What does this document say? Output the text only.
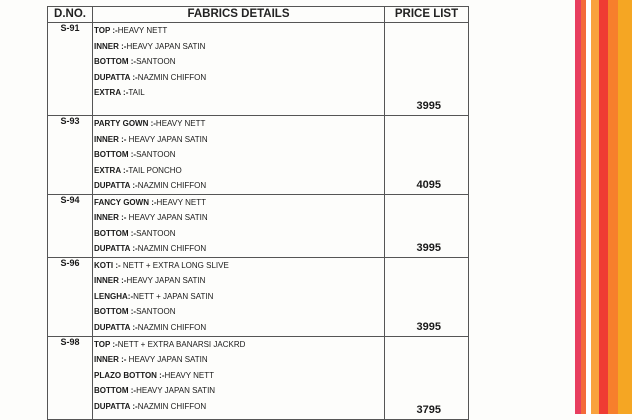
D.NO.	FABRICS DETAILS	PRICE LIST
S-91	TOP :-HEAVY NETT
INNER :-HEAVY JAPAN SATIN
BOTTOM :-SANTOON
DUPATTA :-NAZMIN CHIFFON
EXTRA :-TAIL	3995

S-93	PARTY GOWN :-HEAVY NETT
INNER :- HEAVY JAPAN SATIN
BOTTOM :-SANTOON
EXTRA :-TAIL PONCHO
DUPATTA :-NAZMIN CHIFFON	4095

S-94	FANCY GOWN :-HEAVY NETT
INNER :- HEAVY JAPAN SATIN
BOTTOM :-SANTOON
DUPATTA :-NAZMIN CHIFFON	3995

S-96	KOTI :- NETT + EXTRA LONG SLIVE
INNER :-HEAVY JAPAN SATIN
LENGHA:-NETT + JAPAN SATIN
BOTTOM :-SANTOON
DUPATTA :-NAZMIN CHIFFON	3995

S-98	TOP :-NETT + EXTRA BANARSI JACKRD
INNER :- HEAVY JAPAN SATIN
PLAZO BOTTON :-HEAVY NETT
BOTTOM :-HEAVY JAPAN SATIN
DUPATTA :-NAZMIN CHIFFON	3795
